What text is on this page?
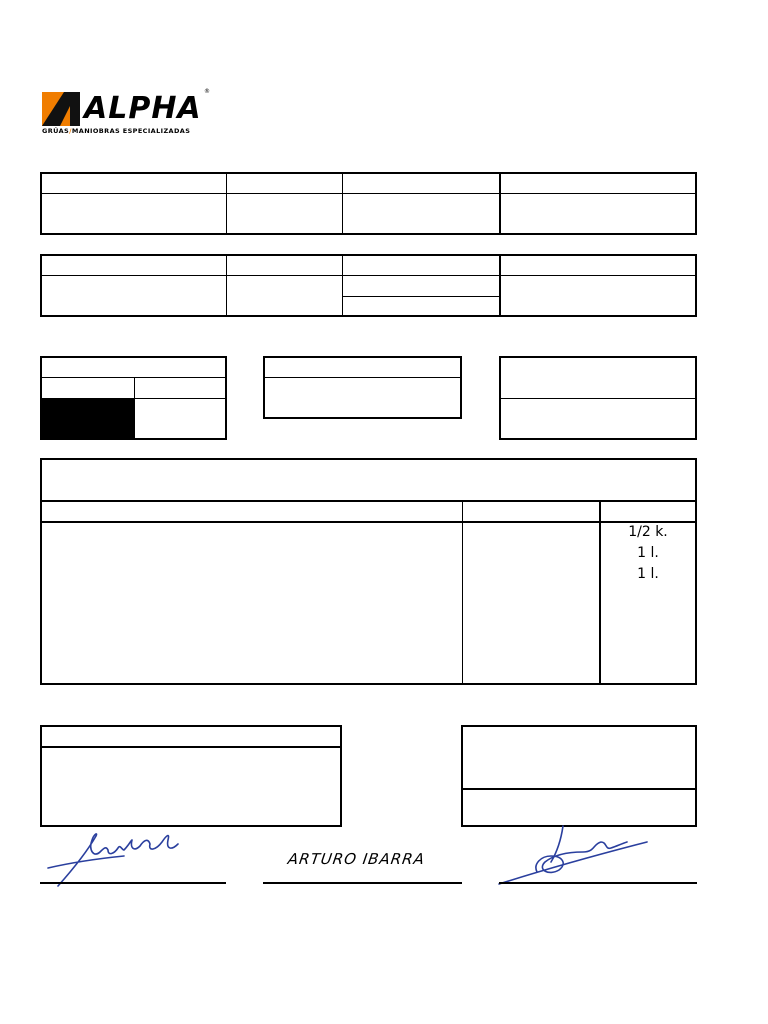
ALPHA ®
GRÚAS/MANIOBRAS ESPECIALIZADAS
1/2 k.
1 l.
1 l.
ARTURO IBARRA
